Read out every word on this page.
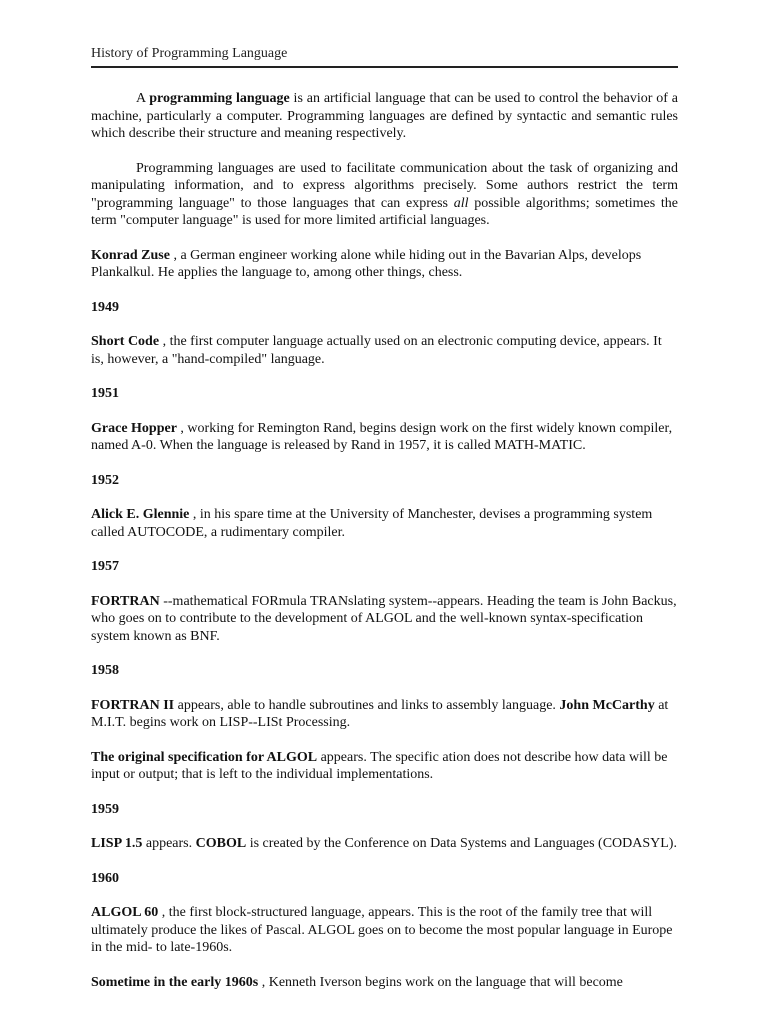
History of Programming Language

A programming language is an artificial language that can be used to control the behavior of a machine, particularly a computer. Programming languages are defined by syntactic and semantic rules which describe their structure and meaning respectively.

Programming languages are used to facilitate communication about the task of organizing and manipulating information, and to express algorithms precisely. Some authors restrict the term "programming language" to those languages that can express all possible algorithms; sometimes the term "computer language" is used for more limited artificial languages.

Konrad Zuse , a German engineer working alone while hiding out in the Bavarian Alps, develops Plankalkul. He applies the language to, among other things, chess.

1949

Short Code , the first computer language actually used on an electronic computing device, appears. It is, however, a "hand-compiled" language.

1951

Grace Hopper , working for Remington Rand, begins design work on the first widely known compiler, named A-0. When the language is released by Rand in 1957, it is called MATH-MATIC.

1952

Alick E. Glennie , in his spare time at the University of Manchester, devises a programming system called AUTOCODE, a rudimentary compiler.

1957

FORTRAN --mathematical FORmula TRANslating system--appears. Heading the team is John Backus, who goes on to contribute to the development of ALGOL and the well-known syntax-specification system known as BNF.

1958

FORTRAN II appears, able to handle subroutines and links to assembly language. John McCarthy at M.I.T. begins work on LISP--LISt Processing.

The original specification for ALGOL appears. The specific ation does not describe how data will be input or output; that is left to the individual implementations.

1959

LISP 1.5 appears. COBOL is created by the Conference on Data Systems and Languages (CODASYL).

1960

ALGOL 60 , the first block-structured language, appears. This is the root of the family tree that will ultimately produce the likes of Pascal. ALGOL goes on to become the most popular language in Europe in the mid- to late-1960s.

Sometime in the early 1960s , Kenneth Iverson begins work on the language that will become
